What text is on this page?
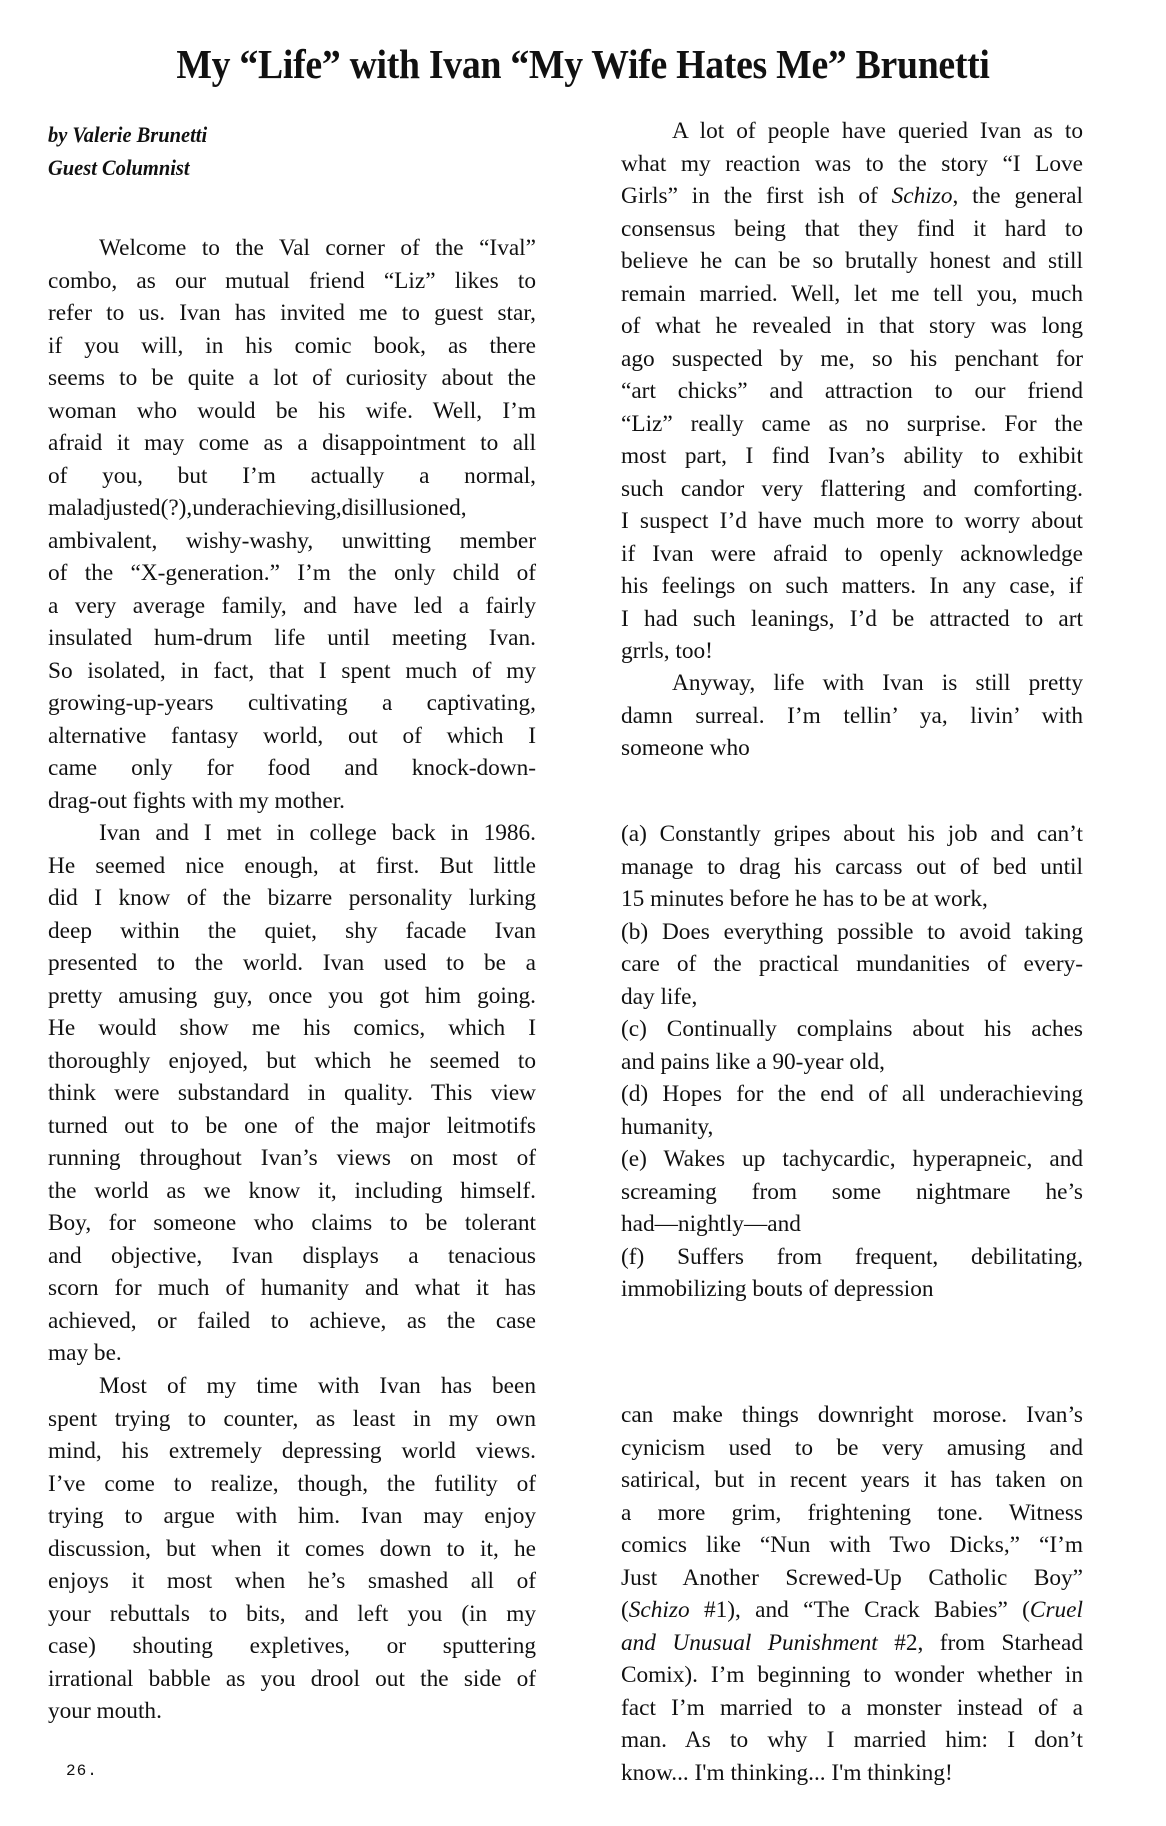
My “Life” with Ivan “My Wife Hates Me” Brunetti
by Valerie Brunetti
Guest Columnist
Welcome to the Val corner of the “Ival”
combo, as our mutual friend “Liz” likes to
refer to us. Ivan has invited me to guest star,
if you will, in his comic book, as there
seems to be quite a lot of curiosity about the
woman who would be his wife. Well, I’m
afraid it may come as a disappointment to all
of you, but I’m actually a normal,
maladjusted(?),underachieving,disillusioned,
ambivalent, wishy-washy, unwitting member
of the “X-generation.” I’m the only child of
a very average family, and have led a fairly
insulated hum-drum life until meeting Ivan.
So isolated, in fact, that I spent much of my
growing-up-years cultivating a captivating,
alternative fantasy world, out of which I
came only for food and knock-down-
drag-out fights with my mother.
Ivan and I met in college back in 1986.
He seemed nice enough, at first. But little
did I know of the bizarre personality lurking
deep within the quiet, shy facade Ivan
presented to the world. Ivan used to be a
pretty amusing guy, once you got him going.
He would show me his comics, which I
thoroughly enjoyed, but which he seemed to
think were substandard in quality. This view
turned out to be one of the major leitmotifs
running throughout Ivan’s views on most of
the world as we know it, including himself.
Boy, for someone who claims to be tolerant
and objective, Ivan displays a tenacious
scorn for much of humanity and what it has
achieved, or failed to achieve, as the case
may be.
Most of my time with Ivan has been
spent trying to counter, as least in my own
mind, his extremely depressing world views.
I’ve come to realize, though, the futility of
trying to argue with him. Ivan may enjoy
discussion, but when it comes down to it, he
enjoys it most when he’s smashed all of
your rebuttals to bits, and left you (in my
case) shouting expletives, or sputtering
irrational babble as you drool out the side of
your mouth.
A lot of people have queried Ivan as to
what my reaction was to the story “I Love
Girls” in the first ish of Schizo, the general
consensus being that they find it hard to
believe he can be so brutally honest and still
remain married. Well, let me tell you, much
of what he revealed in that story was long
ago suspected by me, so his penchant for
“art chicks” and attraction to our friend
“Liz” really came as no surprise. For the
most part, I find Ivan’s ability to exhibit
such candor very flattering and comforting.
I suspect I’d have much more to worry about
if Ivan were afraid to openly acknowledge
his feelings on such matters. In any case, if
I had such leanings, I’d be attracted to art
grrls, too!
Anyway, life with Ivan is still pretty
damn surreal. I’m tellin’ ya, livin’ with
someone who
(a) Constantly gripes about his job and can’t
manage to drag his carcass out of bed until
15 minutes before he has to be at work,
(b) Does everything possible to avoid taking
care of the practical mundanities of every-
day life,
(c) Continually complains about his aches
and pains like a 90-year old,
(d) Hopes for the end of all underachieving
humanity,
(e) Wakes up tachycardic, hyperapneic, and
screaming from some nightmare he’s
had—nightly—and
(f) Suffers from frequent, debilitating,
immobilizing bouts of depression
can make things downright morose. Ivan’s
cynicism used to be very amusing and
satirical, but in recent years it has taken on
a more grim, frightening tone. Witness
comics like “Nun with Two Dicks,” “I’m
Just Another Screwed-Up Catholic Boy”
(Schizo #1), and “The Crack Babies” (Cruel
and Unusual Punishment #2, from Starhead
Comix). I’m beginning to wonder whether in
fact I’m married to a monster instead of a
man. As to why I married him: I don’t
know... I'm thinking... I'm thinking!
26.
